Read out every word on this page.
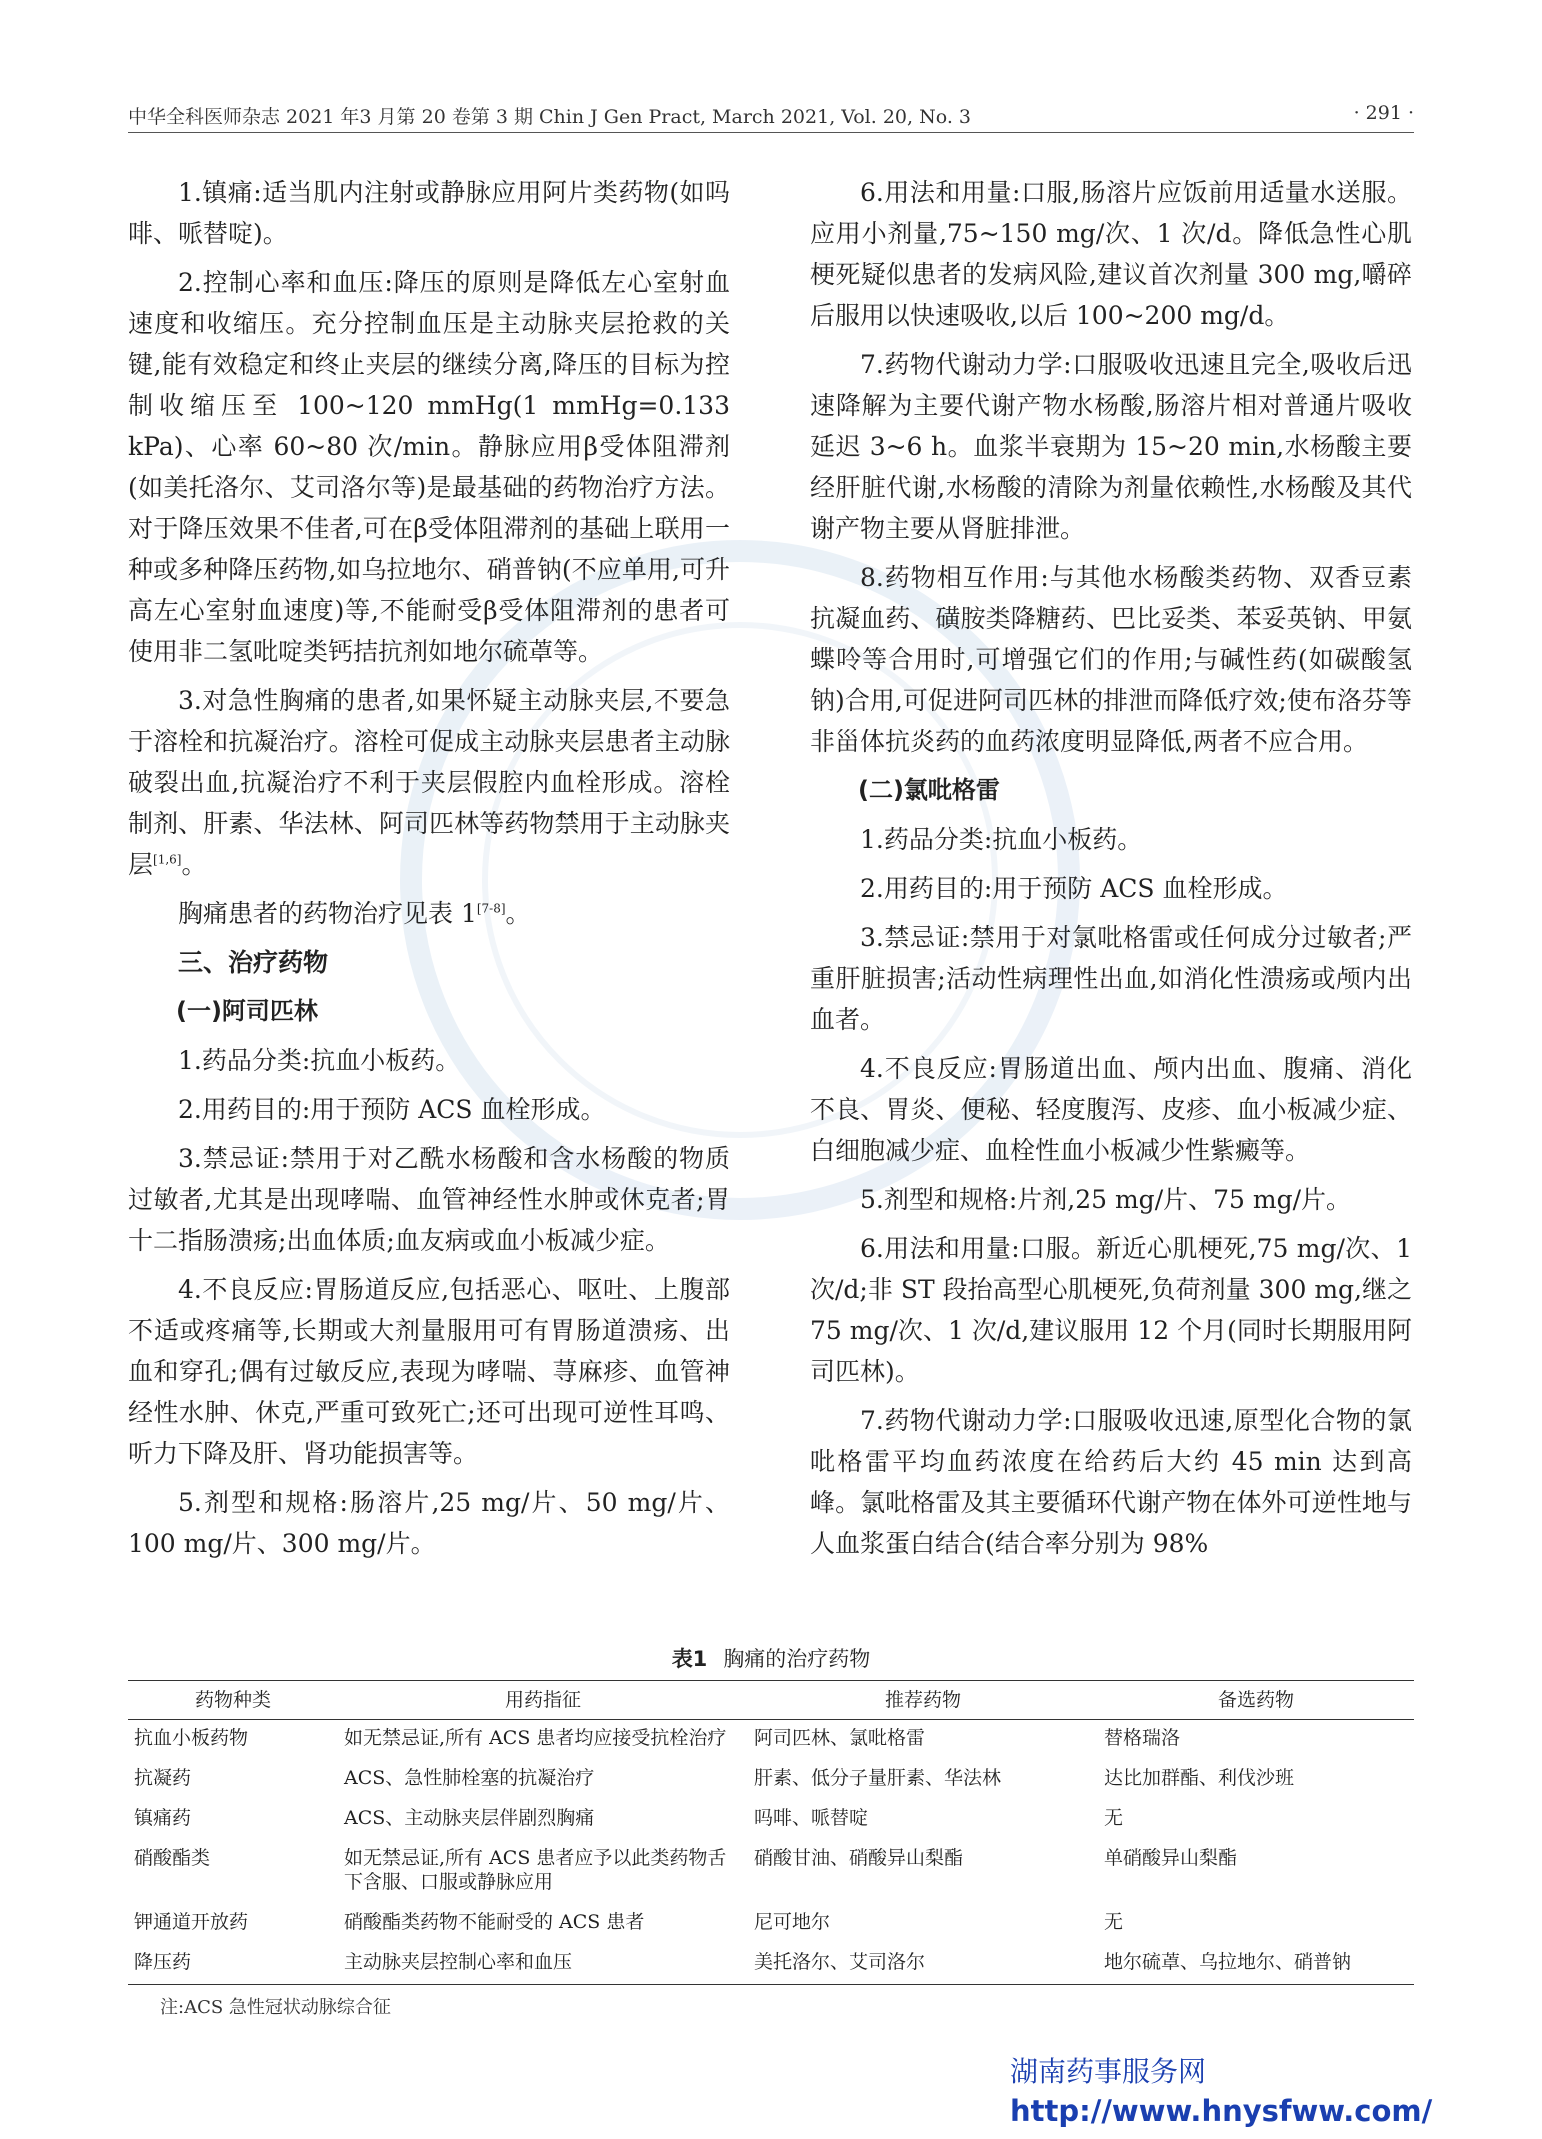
中华全科医师杂志 2021 年3 月第 20 卷第 3 期 Chin J Gen Pract, March 2021, Vol. 20, No. 3	· 291 ·

1.镇痛:适当肌内注射或静脉应用阿片类药物(如吗啡、哌替啶)。

2.控制心率和血压:降压的原则是降低左心室射血速度和收缩压。充分控制血压是主动脉夹层抢救的关键,能有效稳定和终止夹层的继续分离,降压的目标为控制收缩压至 100~120 mmHg(1 mmHg=0.133 kPa)、心率 60~80 次/min。静脉应用β受体阻滞剂(如美托洛尔、艾司洛尔等)是最基础的药物治疗方法。对于降压效果不佳者,可在β受体阻滞剂的基础上联用一种或多种降压药物,如乌拉地尔、硝普钠(不应单用,可升高左心室射血速度)等,不能耐受β受体阻滞剂的患者可使用非二氢吡啶类钙拮抗剂如地尔硫䓬等。

3.对急性胸痛的患者,如果怀疑主动脉夹层,不要急于溶栓和抗凝治疗。溶栓可促成主动脉夹层患者主动脉破裂出血,抗凝治疗不利于夹层假腔内血栓形成。溶栓制剂、肝素、华法林、阿司匹林等药物禁用于主动脉夹层[1,6]。

胸痛患者的药物治疗见表 1[7-8]。

三、治疗药物
(一)阿司匹林

1.药品分类:抗血小板药。

2.用药目的:用于预防 ACS 血栓形成。

3.禁忌证:禁用于对乙酰水杨酸和含水杨酸的物质过敏者,尤其是出现哮喘、血管神经性水肿或休克者;胃十二指肠溃疡;出血体质;血友病或血小板减少症。

4.不良反应:胃肠道反应,包括恶心、呕吐、上腹部不适或疼痛等,长期或大剂量服用可有胃肠道溃疡、出血和穿孔;偶有过敏反应,表现为哮喘、荨麻疹、血管神经性水肿、休克,严重可致死亡;还可出现可逆性耳鸣、听力下降及肝、肾功能损害等。

5.剂型和规格:肠溶片,25 mg/片、50 mg/片、100 mg/片、300 mg/片。

6.用法和用量:口服,肠溶片应饭前用适量水送服。应用小剂量,75~150 mg/次、1 次/d。降低急性心肌梗死疑似患者的发病风险,建议首次剂量 300 mg,嚼碎后服用以快速吸收,以后 100~200 mg/d。

7.药物代谢动力学:口服吸收迅速且完全,吸收后迅速降解为主要代谢产物水杨酸,肠溶片相对普通片吸收延迟 3~6 h。血浆半衰期为 15~20 min,水杨酸主要经肝脏代谢,水杨酸的清除为剂量依赖性,水杨酸及其代谢产物主要从肾脏排泄。

8.药物相互作用:与其他水杨酸类药物、双香豆素抗凝血药、磺胺类降糖药、巴比妥类、苯妥英钠、甲氨蝶呤等合用时,可增强它们的作用;与碱性药(如碳酸氢钠)合用,可促进阿司匹林的排泄而降低疗效;使布洛芬等非甾体抗炎药的血药浓度明显降低,两者不应合用。

(二)氯吡格雷

1.药品分类:抗血小板药。

2.用药目的:用于预防 ACS 血栓形成。

3.禁忌证:禁用于对氯吡格雷或任何成分过敏者;严重肝脏损害;活动性病理性出血,如消化性溃疡或颅内出血者。

4.不良反应:胃肠道出血、颅内出血、腹痛、消化不良、胃炎、便秘、轻度腹泻、皮疹、血小板减少症、白细胞减少症、血栓性血小板减少性紫癜等。

5.剂型和规格:片剂,25 mg/片、75 mg/片。

6.用法和用量:口服。新近心肌梗死,75 mg/次、1 次/d;非 ST 段抬高型心肌梗死,负荷剂量 300 mg,继之 75 mg/次、1 次/d,建议服用 12 个月(同时长期服用阿司匹林)。

7.药物代谢动力学:口服吸收迅速,原型化合物的氯吡格雷平均血药浓度在给药后大约 45 min 达到高峰。氯吡格雷及其主要循环代谢产物在体外可逆性地与人血浆蛋白结合(结合率分别为 98%

表1 胸痛的治疗药物
药物种类	用药指征	推荐药物	备选药物
抗血小板药物	如无禁忌证,所有 ACS 患者均应接受抗栓治疗	阿司匹林、氯吡格雷	替格瑞洛
抗凝药	ACS、急性肺栓塞的抗凝治疗	肝素、低分子量肝素、华法林	达比加群酯、利伐沙班
镇痛药	ACS、主动脉夹层伴剧烈胸痛	吗啡、哌替啶	无
硝酸酯类	如无禁忌证,所有 ACS 患者应予以此类药物舌下含服、口服或静脉应用	硝酸甘油、硝酸异山梨酯	单硝酸异山梨酯
钾通道开放药	硝酸酯类药物不能耐受的 ACS 患者	尼可地尔	无
降压药	主动脉夹层控制心率和血压	美托洛尔、艾司洛尔	地尔硫䓬、乌拉地尔、硝普钠
注:ACS 急性冠状动脉综合征
湖南药事服务网
http://www.hnysfww.com/
